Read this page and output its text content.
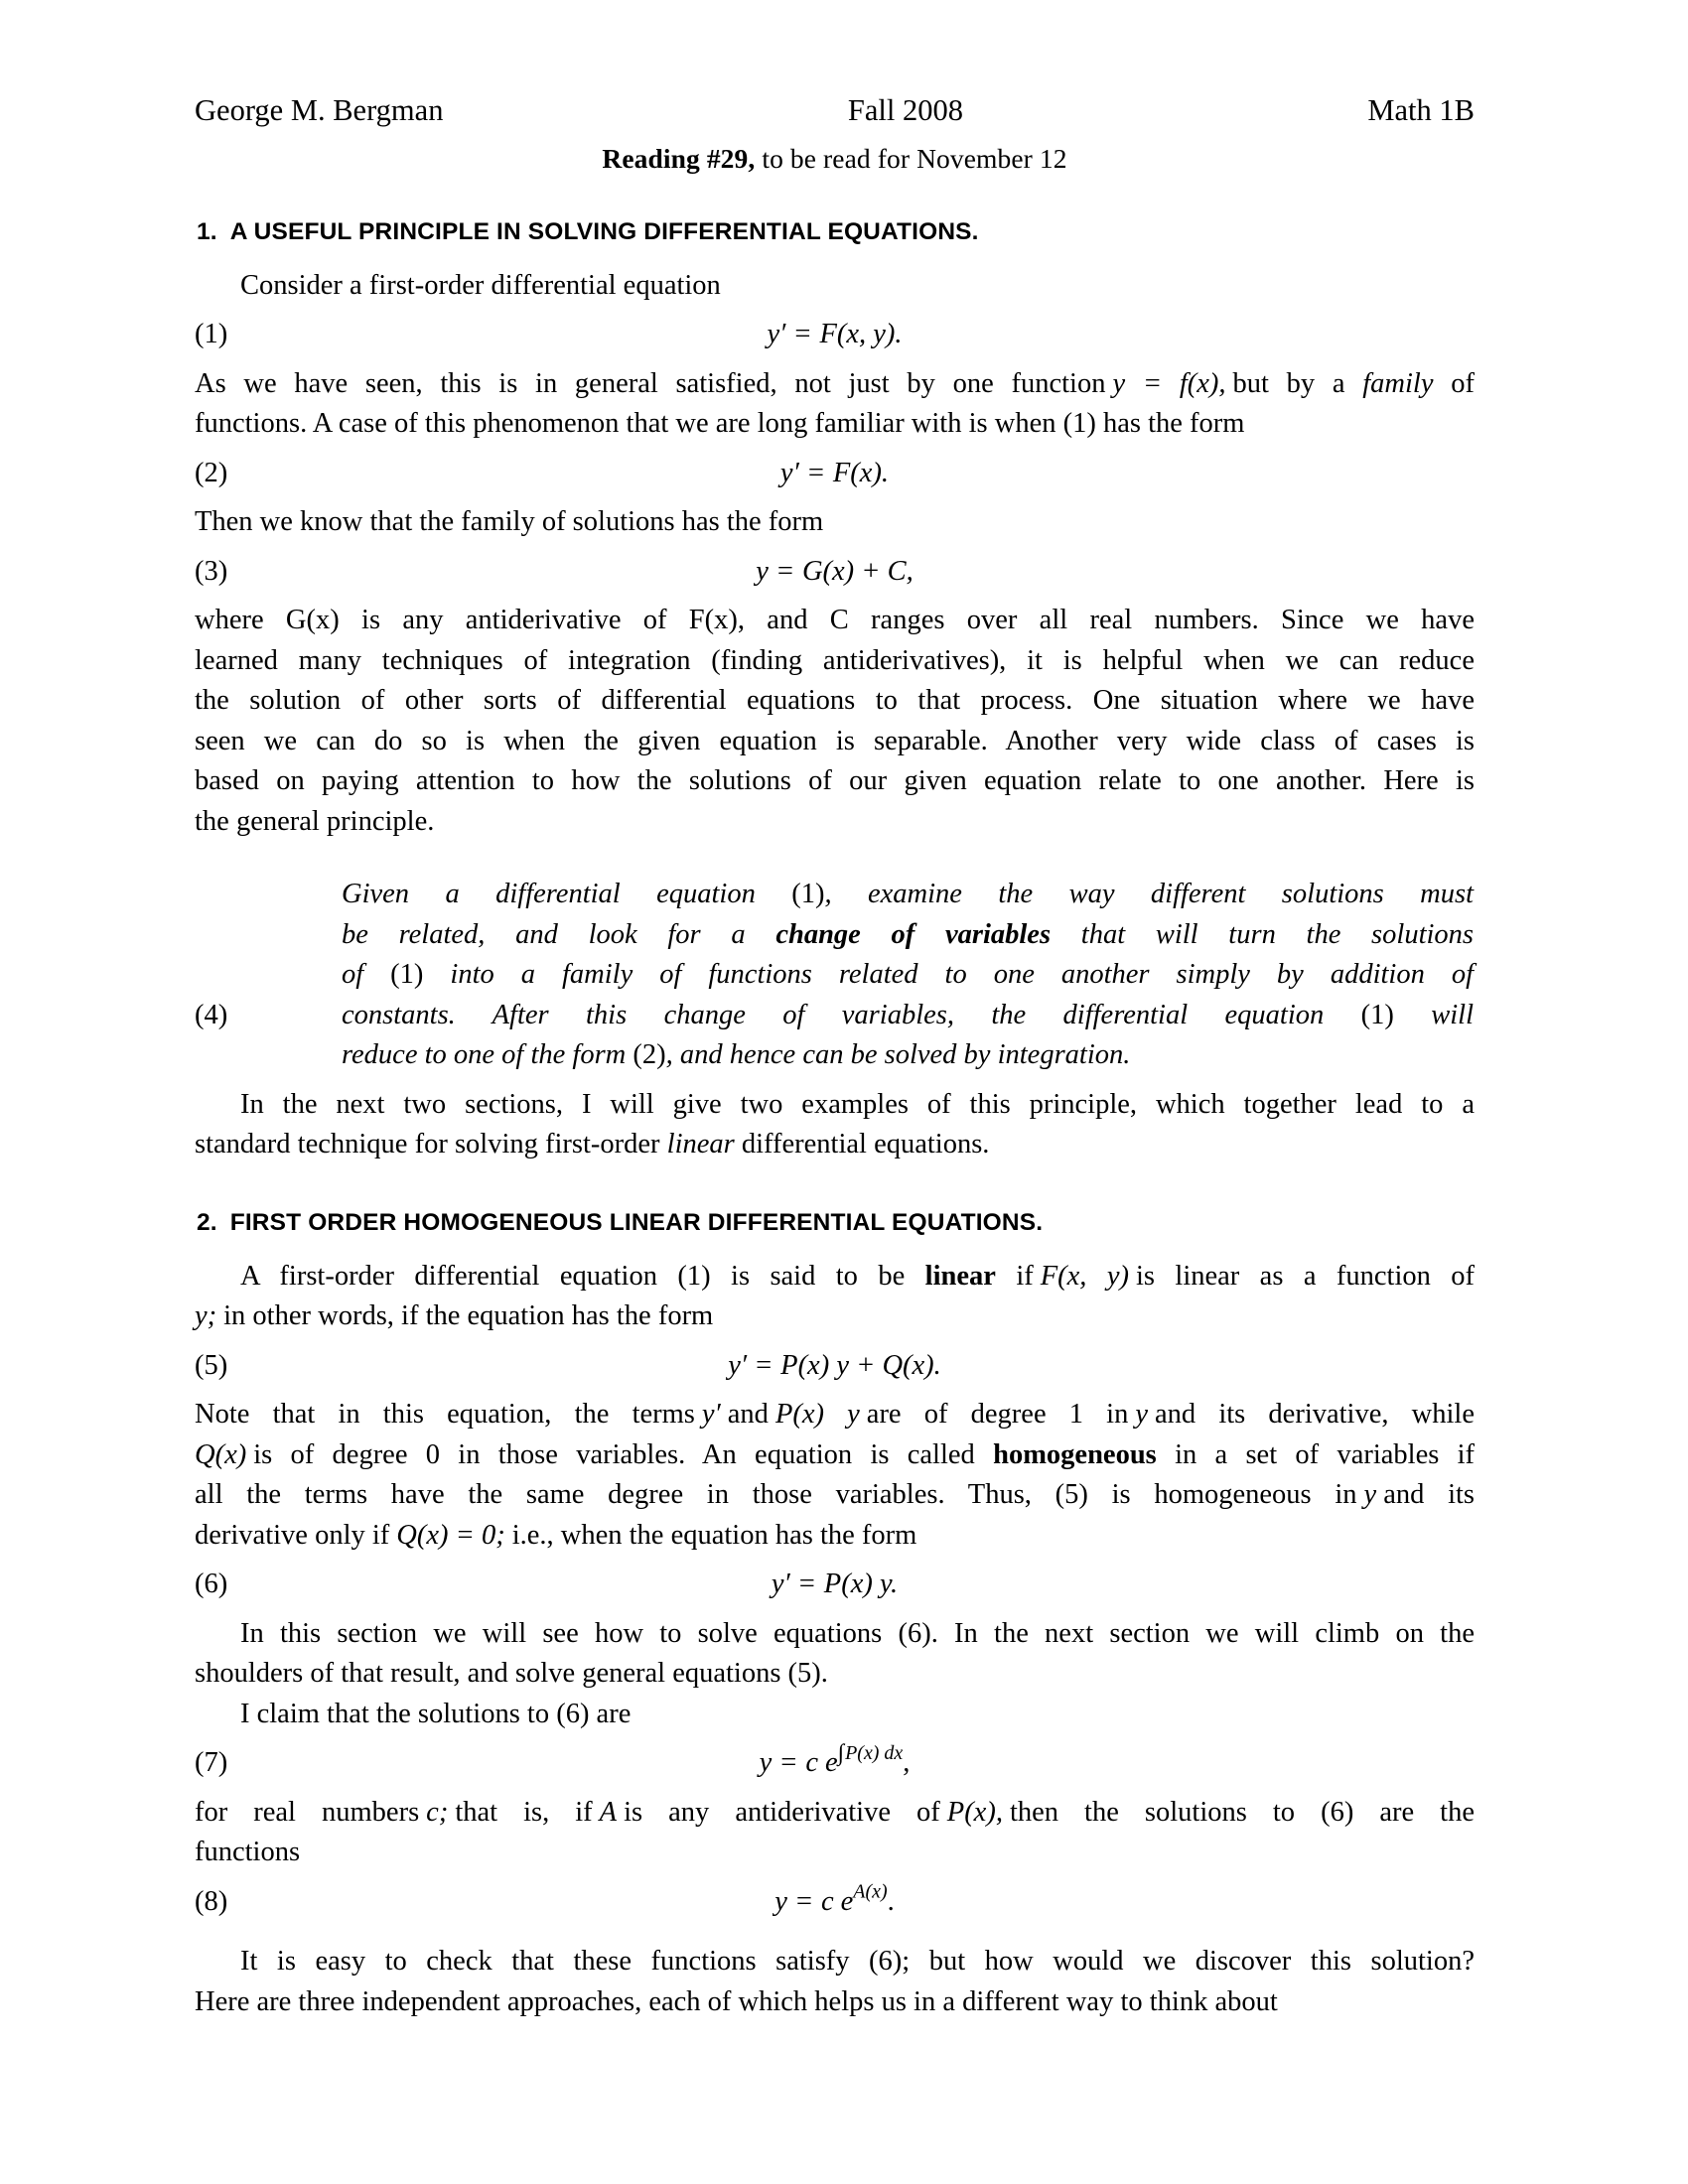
George M. Bergman	Fall 2008	Math 1B
Reading #29, to be read for November 12
1. A USEFUL PRINCIPLE IN SOLVING DIFFERENTIAL EQUATIONS.

Consider a first-order differential equation

(1)	y′ = F(x, y).

As we have seen, this is in general satisfied, not just by one function y = f(x), but by a family of
functions. A case of this phenomenon that we are long familiar with is when (1) has the form

(2)	y′ = F(x).

Then we know that the family of solutions has the form

(3)	y = G(x) + C,

where G(x) is any antiderivative of F(x), and C ranges over all real numbers. Since we have
learned many techniques of integration (finding antiderivatives), it is helpful when we can reduce
the solution of other sorts of differential equations to that process. One situation where we have
seen we can do so is when the given equation is separable. Another very wide class of cases is
based on paying attention to how the solutions of our given equation relate to one another. Here is
the general principle.

(4)
Given a differential equation (1), examine the way different solutions must
be related, and look for a change of variables that will turn the solutions
of (1) into a family of functions related to one another simply by addition of
constants. After this change of variables, the differential equation (1) will
reduce to one of the form (2), and hence can be solved by integration.

In the next two sections, I will give two examples of this principle, which together lead to a
standard technique for solving first-order linear differential equations.

2. FIRST ORDER HOMOGENEOUS LINEAR DIFFERENTIAL EQUATIONS.

A first-order differential equation (1) is said to be linear if F(x, y) is linear as a function of
y; in other words, if the equation has the form

(5)	y′ = P(x) y + Q(x).

Note that in this equation, the terms y′ and P(x) y are of degree 1 in y and its derivative, while
Q(x) is of degree 0 in those variables. An equation is called homogeneous in a set of variables if
all the terms have the same degree in those variables. Thus, (5) is homogeneous in y and its
derivative only if Q(x) = 0; i.e., when the equation has the form

(6)	y′ = P(x) y.

In this section we will see how to solve equations (6). In the next section we will climb on the
shoulders of that result, and solve general equations (5).

I claim that the solutions to (6) are

(7)	y = c $e^{\int P(x) dx}$,

for real numbers c; that is, if A is any antiderivative of P(x), then the solutions to (6) are the
functions

(8)	y = c $e^{A(x)}$.

It is easy to check that these functions satisfy (6); but how would we discover this solution?
Here are three independent approaches, each of which helps us in a different way to think about
